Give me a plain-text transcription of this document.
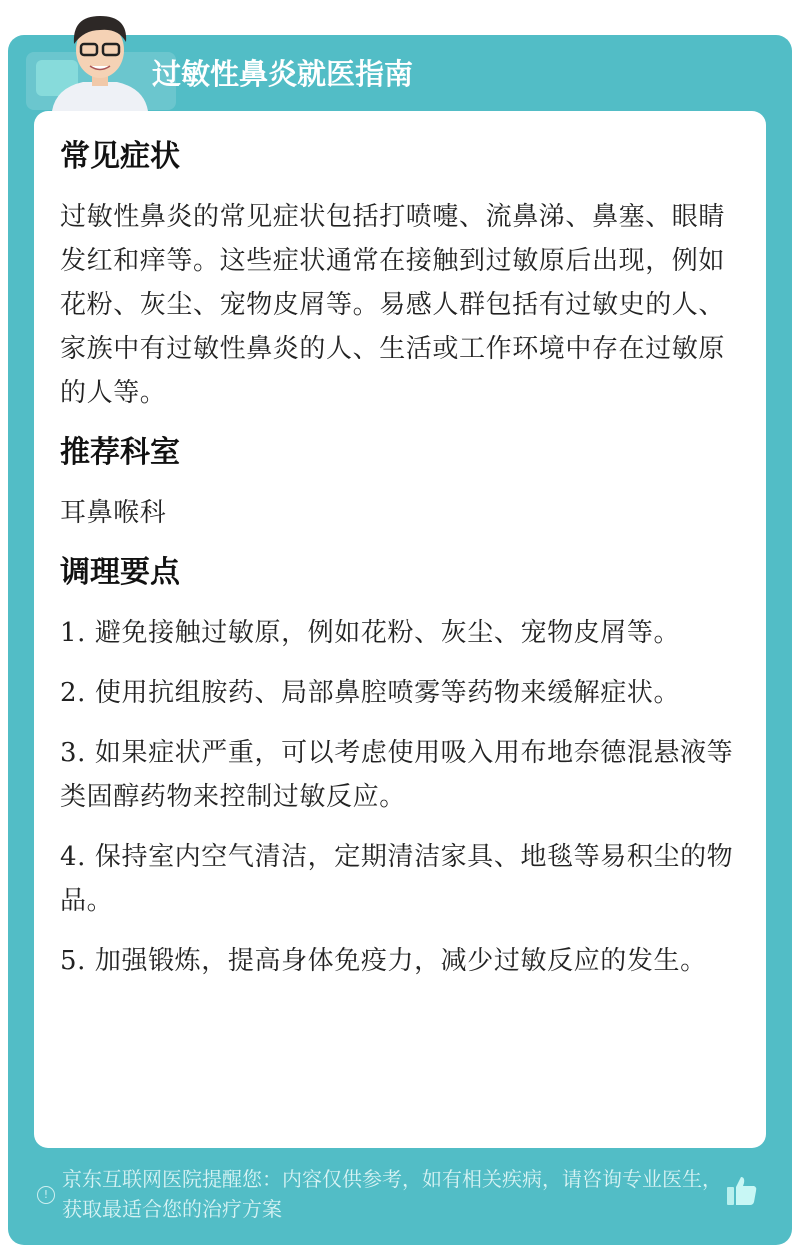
过敏性鼻炎就医指南
常见症状

过敏性鼻炎的常见症状包括打喷嚏、流鼻涕、鼻塞、眼睛发红和痒等。这些症状通常在接触到过敏原后出现，例如花粉、灰尘、宠物皮屑等。易感人群包括有过敏史的人、家族中有过敏性鼻炎的人、生活或工作环境中存在过敏原的人等。

推荐科室

耳鼻喉科

调理要点

1. 避免接触过敏原，例如花粉、灰尘、宠物皮屑等。

2. 使用抗组胺药、局部鼻腔喷雾等药物来缓解症状。

3. 如果症状严重，可以考虑使用吸入用布地奈德混悬液等类固醇药物来控制过敏反应。

4. 保持室内空气清洁，定期清洁家具、地毯等易积尘的物品。

5. 加强锻炼，提高身体免疫力，减少过敏反应的发生。

!
京东互联网医院提醒您：内容仅供参考，如有相关疾病，请咨询专业医生，获取最适合您的治疗方案
